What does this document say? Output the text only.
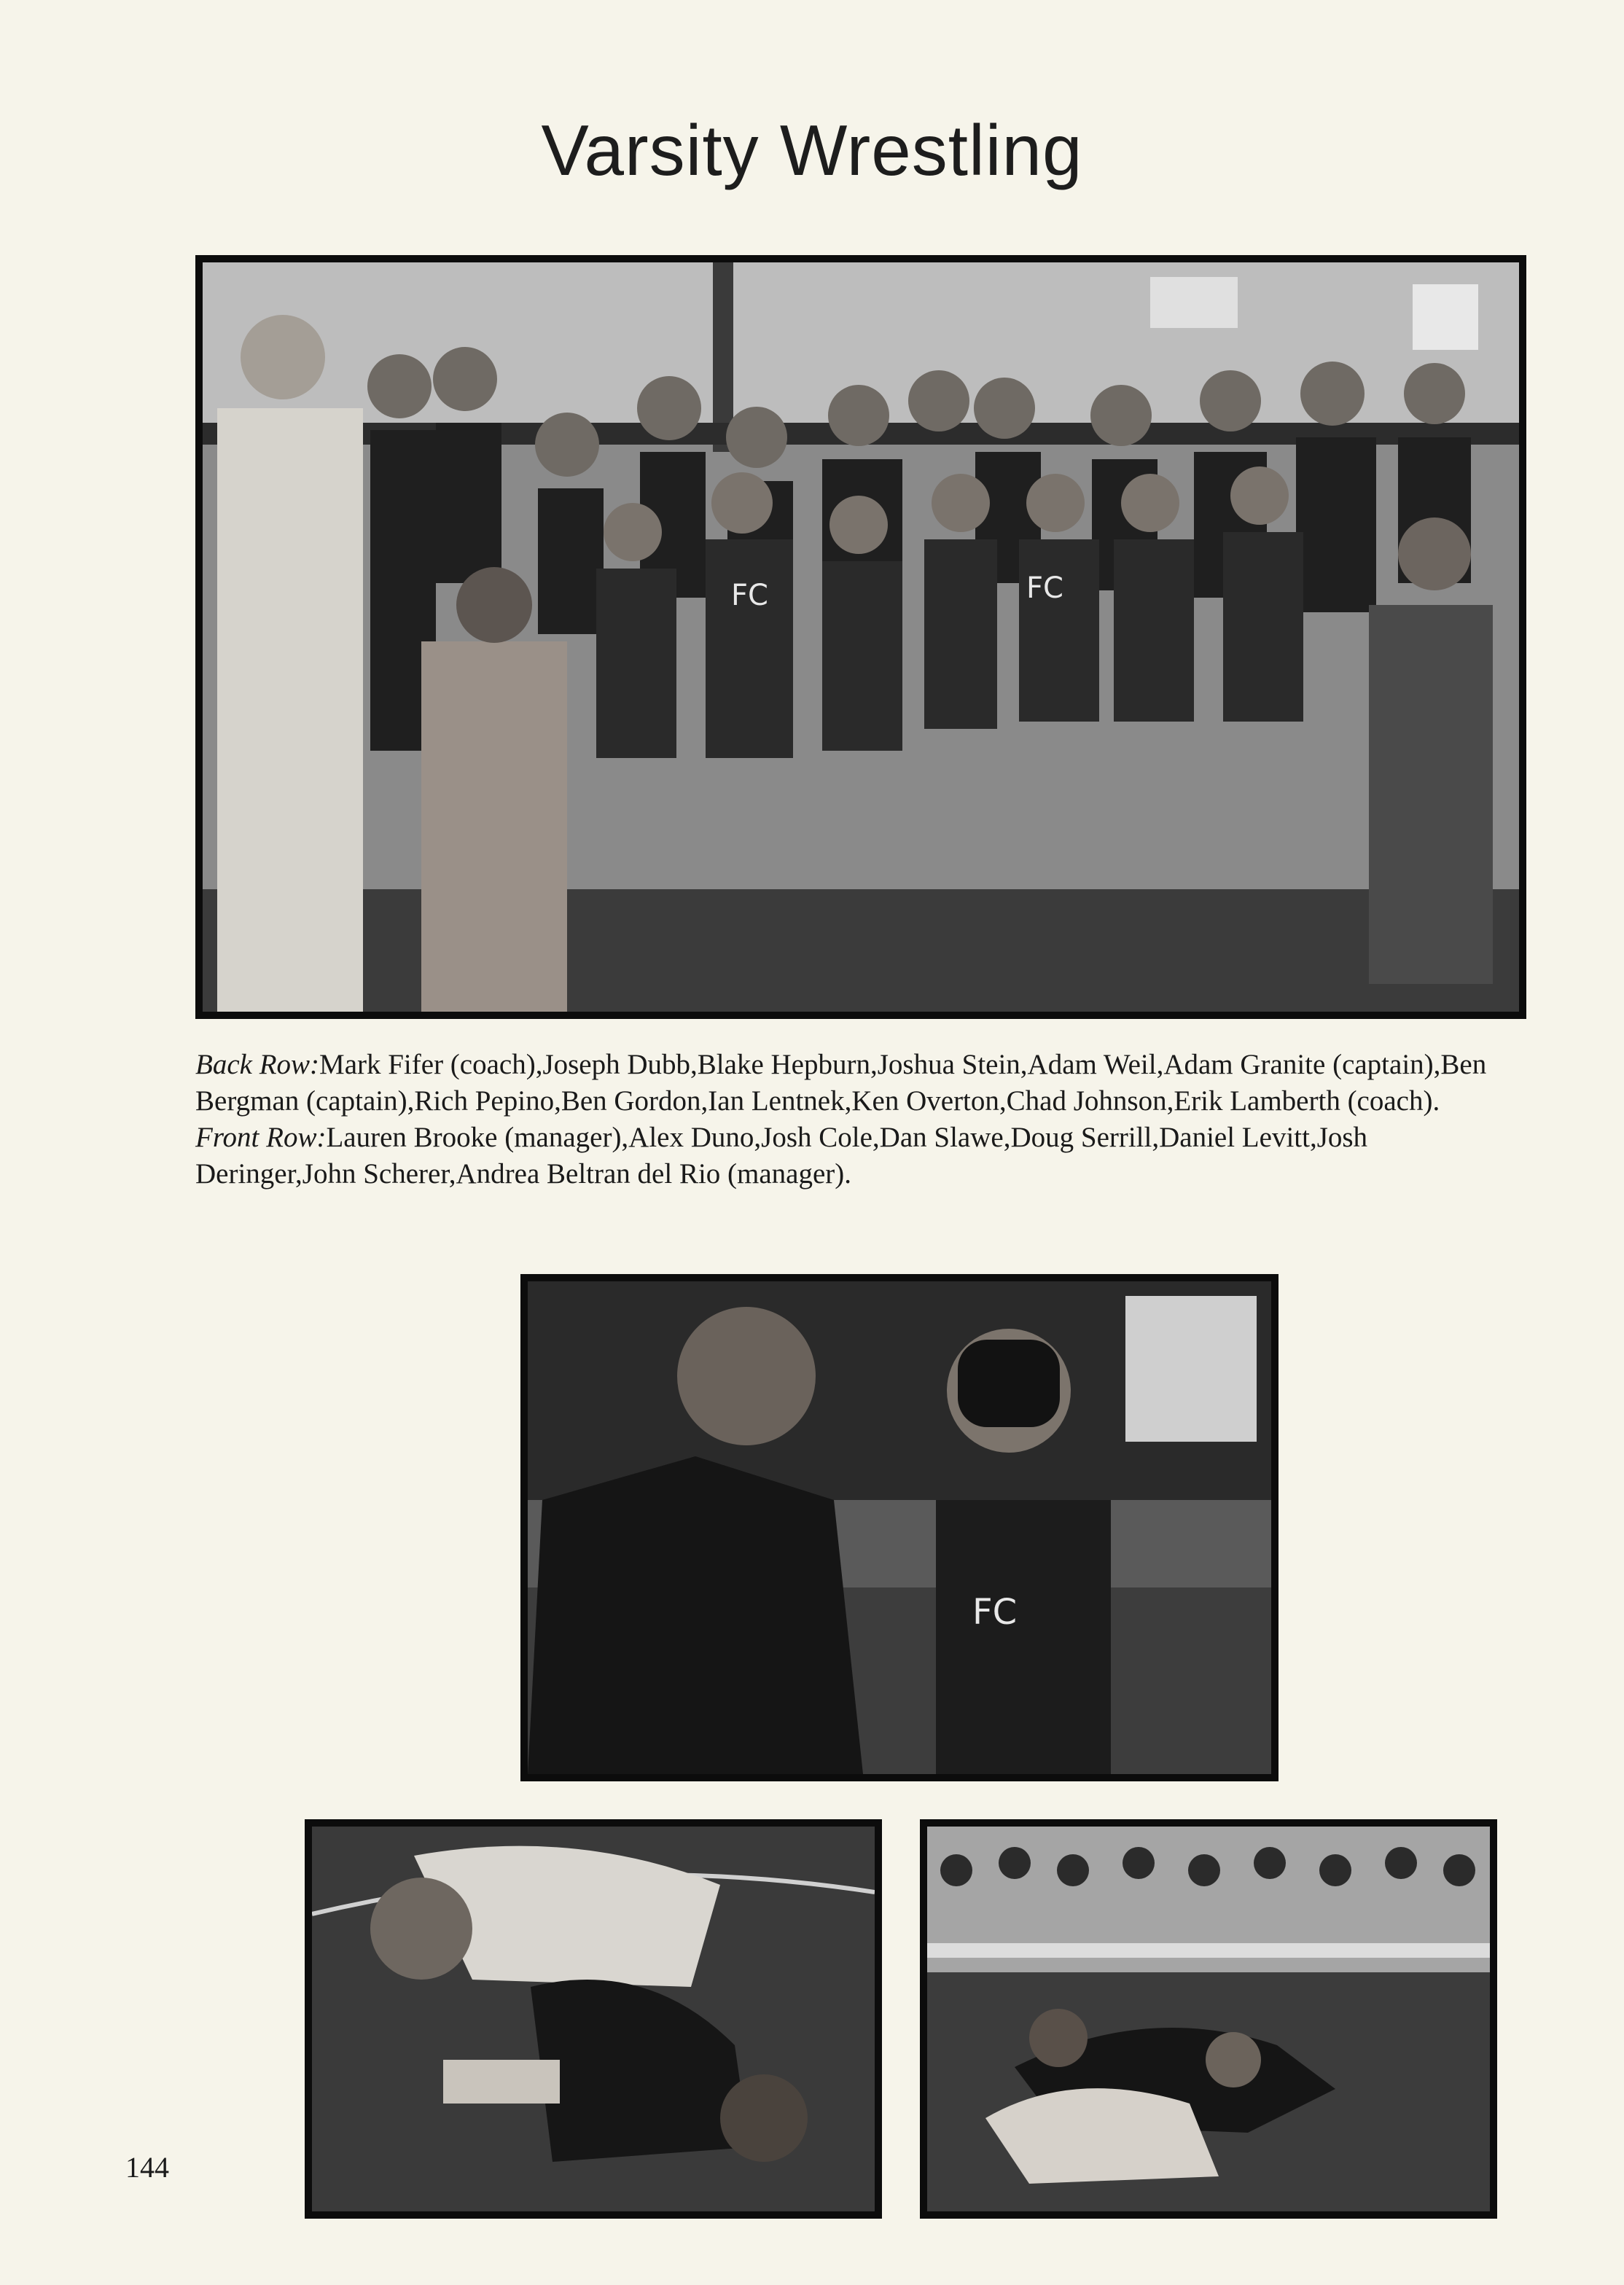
Varsity Wrestling
FC	FC

Back Row:Mark Fifer (coach),Joseph Dubb,Blake Hepburn,Joshua Stein,Adam Weil,Adam Granite (captain),Ben Bergman (captain),Rich Pepino,Ben Gordon,Ian Lentnek,Ken Overton,Chad Johnson,Erik Lamberth (coach). Front Row:Lauren Brooke (manager),Alex Duno,Josh Cole,Dan Slawe,Doug Serrill,Daniel Levitt,Josh Deringer,John Scherer,Andrea Beltran del Rio (manager).

FC
144
